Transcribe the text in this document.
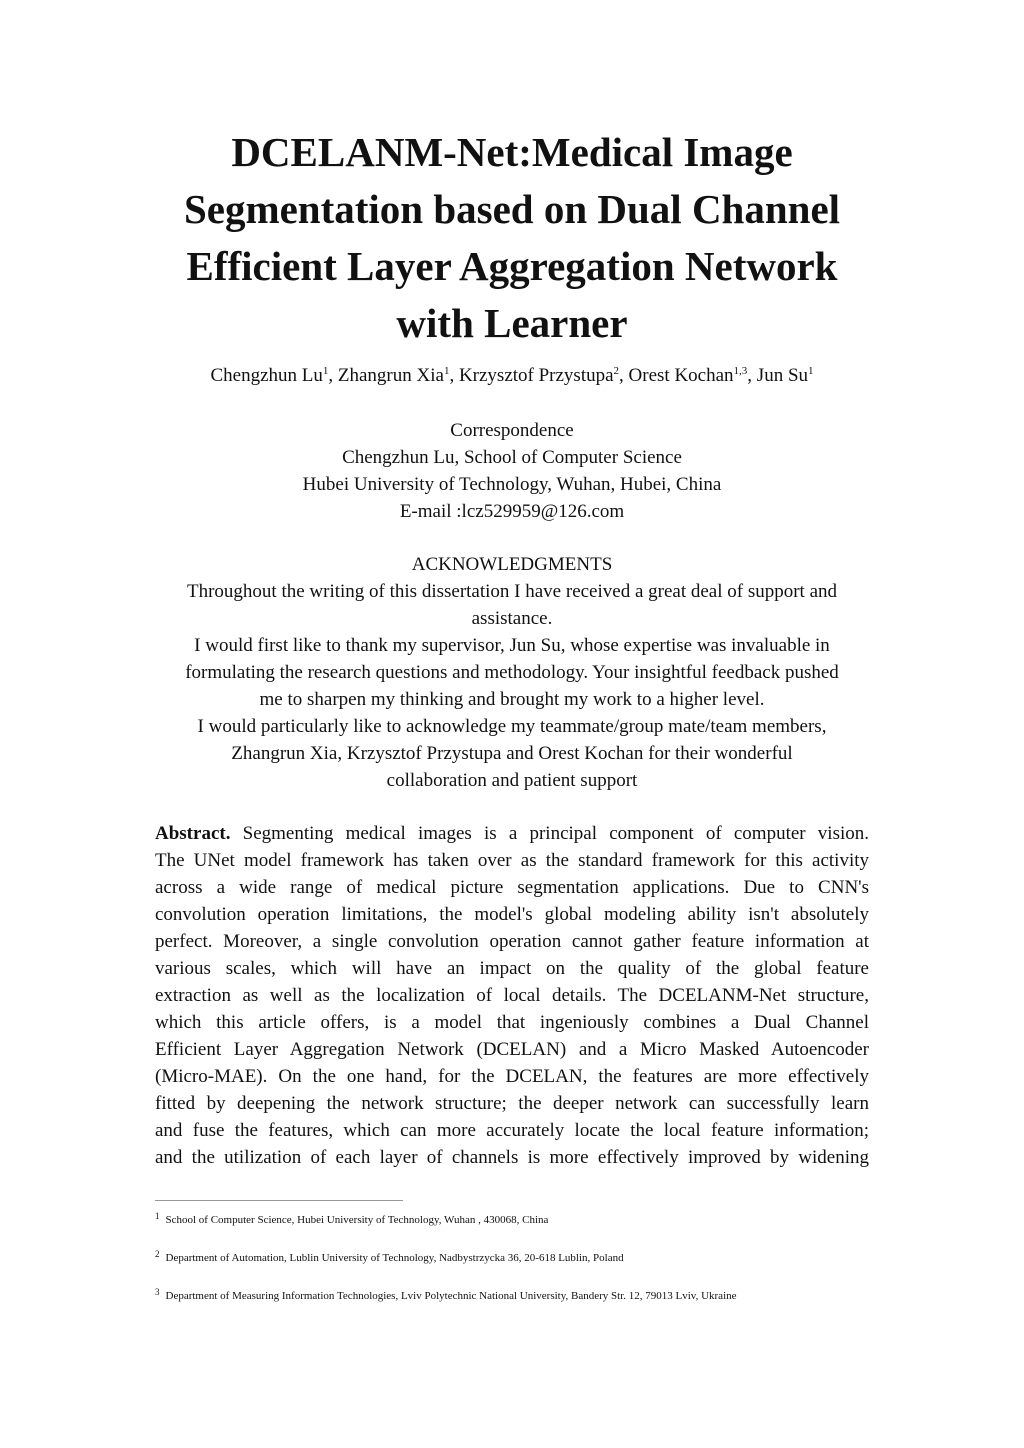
DCELANM-Net:Medical Image
Segmentation based on Dual Channel
Efficient Layer Aggregation Network
with Learner
Chengzhun Lu$^1$, Zhangrun Xia$^1$, Krzysztof Przystupa$^2$, Orest Kochan$^{1,3}$, Jun Su$^1$
Correspondence
Chengzhun Lu, School of Computer Science
Hubei University of Technology, Wuhan, Hubei, China
E-mail :lcz529959@126.com
ACKNOWLEDGMENTS
Throughout the writing of this dissertation I have received a great deal of support and
assistance.
I would first like to thank my supervisor, Jun Su, whose expertise was invaluable in
formulating the research questions and methodology. Your insightful feedback pushed
me to sharpen my thinking and brought my work to a higher level.
I would particularly like to acknowledge my teammate/group mate/team members,
Zhangrun Xia, Krzysztof Przystupa and Orest Kochan for their wonderful
collaboration and patient support
Abstract. Segmenting medical images is a principal component of computer vision.
The UNet model framework has taken over as the standard framework for this activity
across a wide range of medical picture segmentation applications. Due to CNN's
convolution operation limitations, the model's global modeling ability isn't absolutely
perfect. Moreover, a single convolution operation cannot gather feature information at
various scales, which will have an impact on the quality of the global feature
extraction as well as the localization of local details. The DCELANM-Net structure,
which this article offers, is a model that ingeniously combines a Dual Channel
Efficient Layer Aggregation Network (DCELAN) and a Micro Masked Autoencoder
(Micro-MAE). On the one hand, for the DCELAN, the features are more effectively
fitted by deepening the network structure; the deeper network can successfully learn
and fuse the features, which can more accurately locate the local feature information;
and the utilization of each layer of channels is more effectively improved by widening
$^1$ School of Computer Science, Hubei University of Technology, Wuhan , 430068, China
$^2$ Department of Automation, Lublin University of Technology, Nadbystrzycka 36, 20-618 Lublin, Poland
$^3$ Department of Measuring Information Technologies, Lviv Polytechnic National University, Bandery Str. 12, 79013 Lviv, Ukraine
